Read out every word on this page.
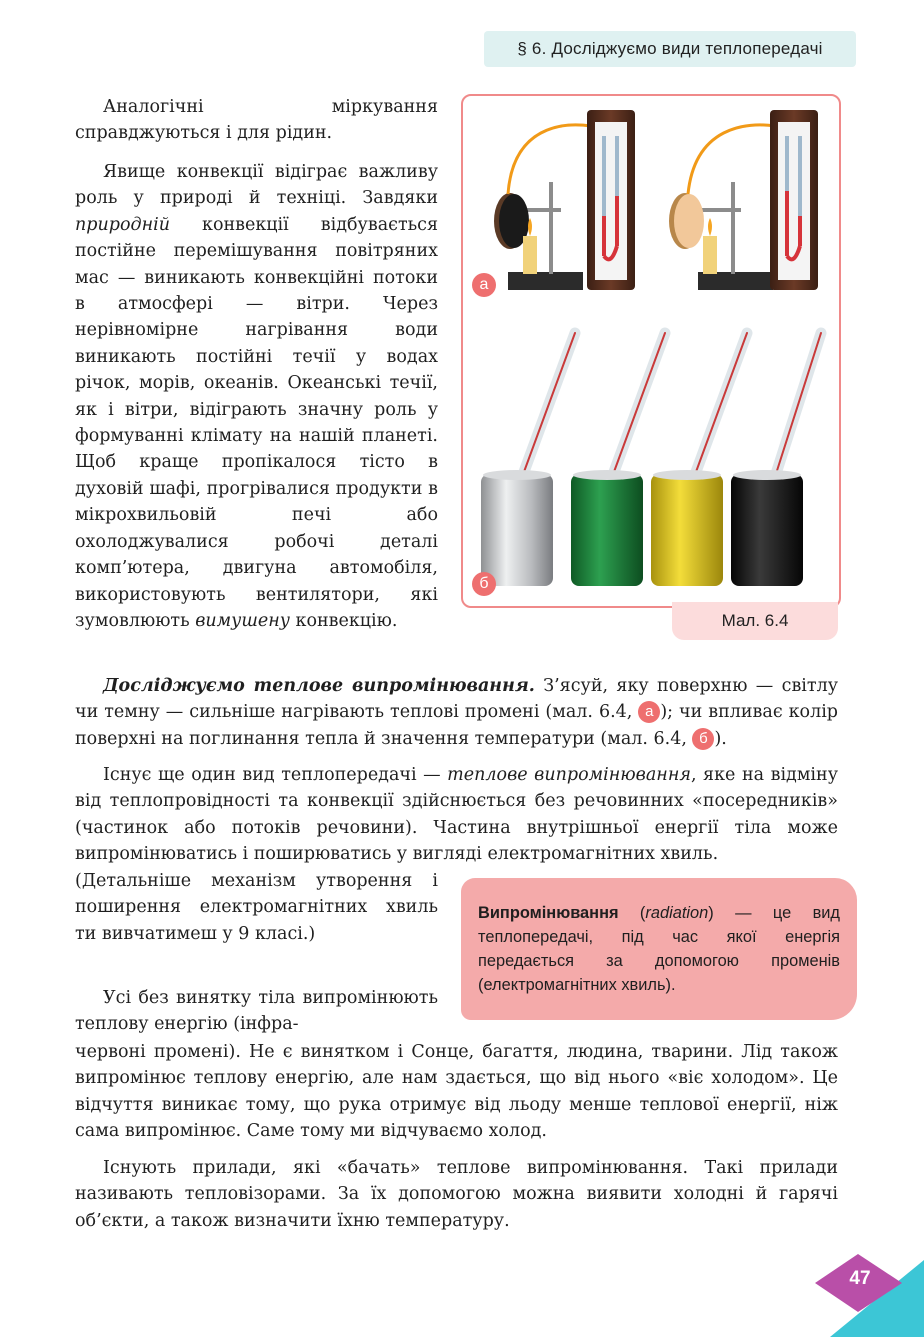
§ 6. Досліджуємо види теплопередачі

Аналогічні міркування справджуються і для рідин.

Явище конвекції відіграє важливу роль у природі й техніці. Завдяки природній конвекції відбувається постійне перемішування повітряних мас — виникають конвекційні потоки в атмосфері — вітри. Через нерівномірне нагрівання води виникають постійні течії у водах річок, морів, океанів. Океанські течії, як і вітри, відіграють значну роль у формуванні клімату на нашій планеті. Щоб краще пропікалося тісто в духовій шафі, прогрівалися продукти в мікрохвильовій печі або охолоджувалися робочі деталі комп’ютера, двигуна автомобіля, використовують вентилятори, які зумовлюють вимушену конвекцію.

а
б
Мал. 6.4

Досліджуємо теплове випромінювання. З’ясуй, яку поверхню — світлу чи темну — сильніше нагрівають теплові промені (мал. 6.4, а ); чи впливає колір поверхні на поглинання тепла й значення температури (мал. 6.4, б ).

Існує ще один вид теплопередачі — теплове випромінювання, яке на відміну від теплопровідності та конвекції здійснюється без речовинних «посередників» (частинок або потоків речовини). Частина внутрішньої енергії тіла може випромінюватись і поширюватись у вигляді електромагнітних хвиль.

(Детальніше механізм утворення і поширення електромагнітних хвиль ти вивчатимеш у 9 класі.)

Випромінювання (radiation) — це вид теплопередачі, під час якої енергія передається за допомогою променів (електромагнітних хвиль).

Усі без винятку тіла випромінюють теплову енергію (інфра-

червоні промені). Не є винятком і Сонце, багаття, людина, тварини. Лід також випромінює теплову енергію, але нам здається, що від нього «віє холодом». Це відчуття виникає тому, що рука отримує від льоду менше теплової енергії, ніж сама випромінює. Саме тому ми відчуваємо холод.

Існують прилади, які «бачать» теплове випромінювання. Такі прилади називають тепловізорами. За їх допомогою можна виявити холодні й гарячі об’єкти, а також визначити їхню температуру.

47
